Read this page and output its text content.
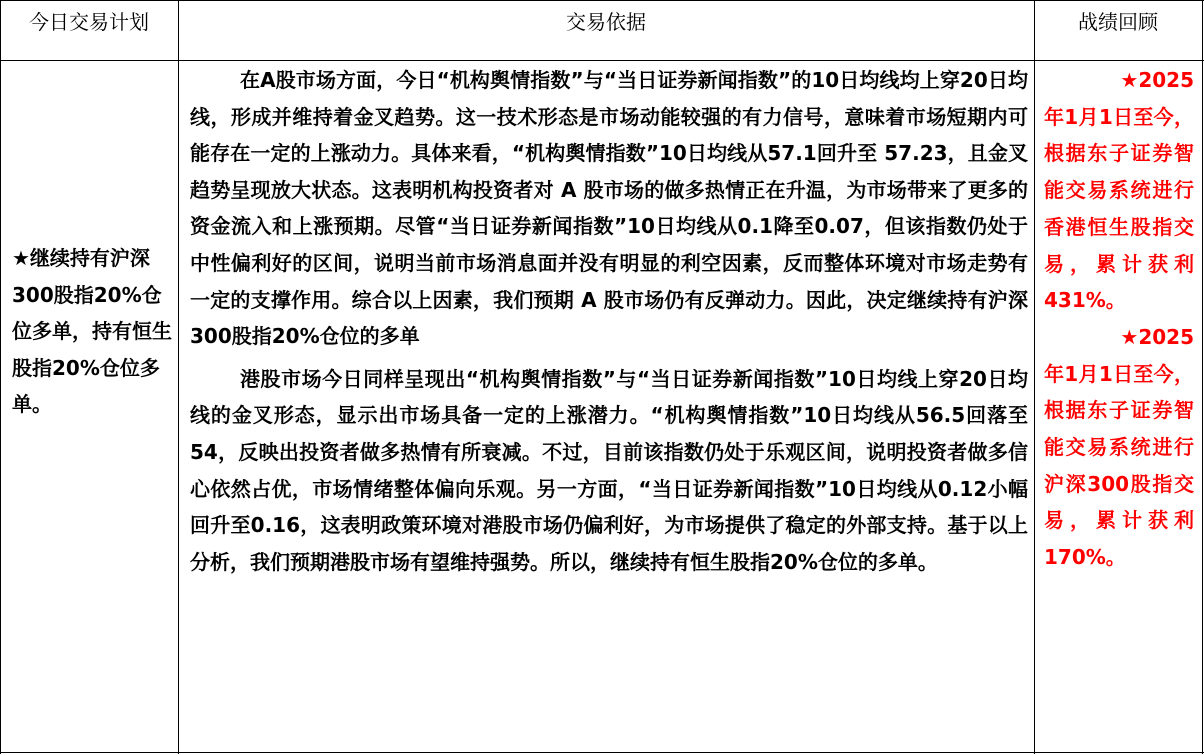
今日交易计划	交易依据	战绩回顾
★继续持有沪深300股指20%仓位多单，持有恒生股指20%仓位多单。

在A股市场方面，今日“机构舆情指数”与“当日证券新闻指数”的10日均线均上穿20日均线，形成并维持着金叉趋势。这一技术形态是市场动能较强的有力信号，意味着市场短期内可能存在一定的上涨动力。具体来看，“机构舆情指数”10日均线从57.1回升至 57.23，且金叉趋势呈现放大状态。这表明机构投资者对 A 股市场的做多热情正在升温，为市场带来了更多的资金流入和上涨预期。尽管“当日证券新闻指数”10日均线从0.1降至0.07，但该指数仍处于中性偏利好的区间，说明当前市场消息面并没有明显的利空因素，反而整体环境对市场走势有一定的支撑作用。综合以上因素，我们预期 A 股市场仍有反弹动力。因此，决定继续持有沪深300股指20%仓位的多单

港股市场今日同样呈现出“机构舆情指数”与“当日证券新闻指数”10日均线上穿20日均线的金叉形态，显示出市场具备一定的上涨潜力。“机构舆情指数”10日均线从56.5回落至54，反映出投资者做多热情有所衰减。不过，目前该指数仍处于乐观区间，说明投资者做多信心依然占优，市场情绪整体偏向乐观。另一方面，“当日证券新闻指数”10日均线从0.12小幅回升至0.16，这表明政策环境对港股市场仍偏利好，为市场提供了稳定的外部支持。基于以上分析，我们预期港股市场有望维持强势。所以，继续持有恒生股指20%仓位的多单。

★2025
年1月1日至今，根据东子证券智能交易系统进行香港恒生股指交易，累计获利431%。

★2025
年1月1日至今，根据东子证券智能交易系统进行沪深300股指交易，累计获利170%。
